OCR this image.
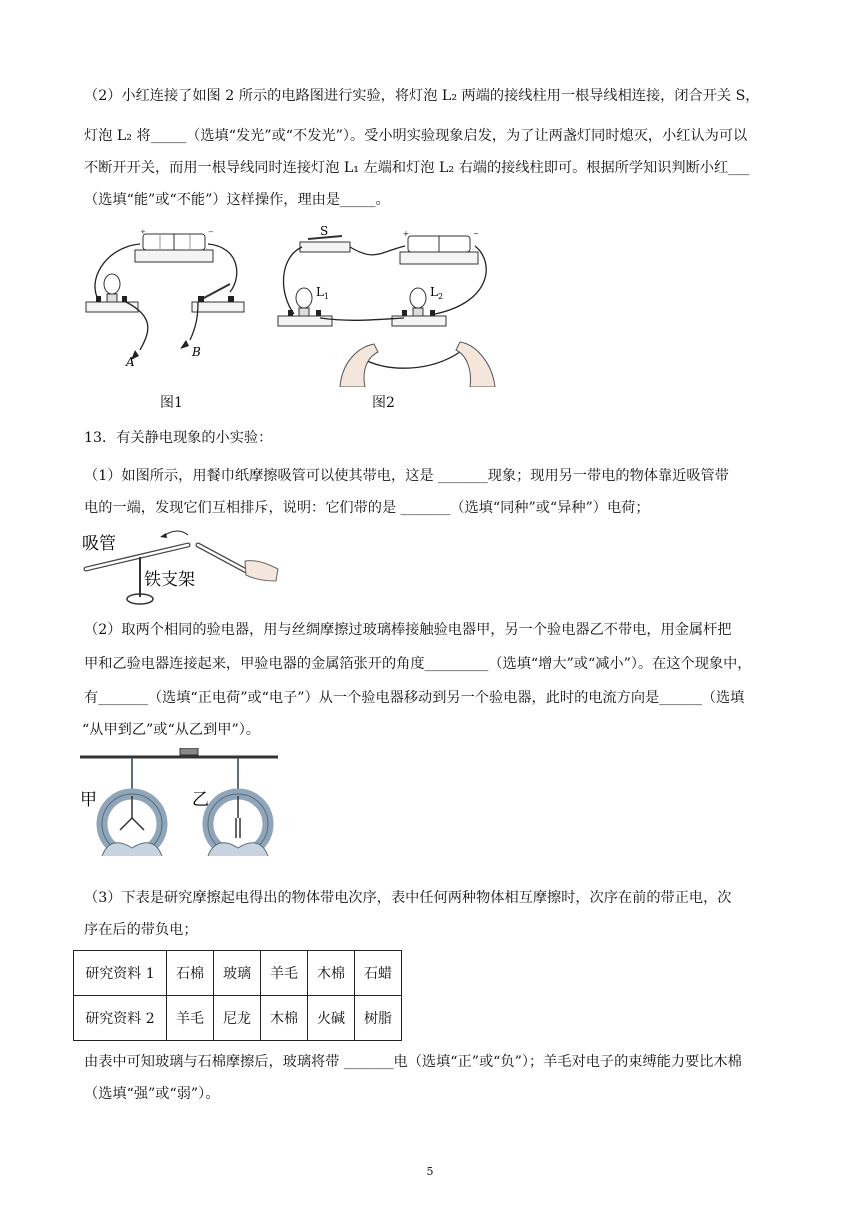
（2）小红连接了如图 2 所示的电路图进行实验，将灯泡 L₂ 两端的接线柱用一根导线相连接，闭合开关 S，
灯泡 L₂ 将_____（选填“发光”或“不发光”）。受小明实验现象启发，为了让两盏灯同时熄灭，小红认为可以
不断开开关，而用一根导线同时连接灯泡 L₁ 左端和灯泡 L₂ 右端的接线柱即可。根据所学知识判断小红___
（选填“能”或“不能”）这样操作，理由是_____。
+	−
A
B
图1
S	+	−
$L_1$	$L_2$
图2
13．有关静电现象的小实验：
（1）如图所示，用餐巾纸摩擦吸管可以使其带电，这是 _______现象；现用另一带电的物体靠近吸管带
电的一端，发现它们互相排斥，说明：它们带的是 _______（选填“同种”或“异种”）电荷；
吸管
铁支架
（2）取两个相同的验电器，用与丝绸摩擦过玻璃棒接触验电器甲，另一个验电器乙不带电，用金属杆把
甲和乙验电器连接起来，甲验电器的金属箔张开的角度_________（选填“增大”或“减小”）。在这个现象中，
有_______（选填“正电荷”或“电子”）从一个验电器移动到另一个验电器，此时的电流方向是______（选填
“从甲到乙”或“从乙到甲”）。
甲	乙
（3）下表是研究摩擦起电得出的物体带电次序，表中任何两种物体相互摩擦时，次序在前的带正电，次
序在后的带负电；
研究资料 1	石棉	玻璃	羊毛	木棉	石蜡
研究资料 2	羊毛	尼龙	木棉	火碱	树脂
由表中可知玻璃与石棉摩擦后，玻璃将带 _______电（选填“正”或“负”）；羊毛对电子的束缚能力要比木棉
（选填“强”或“弱”）。
5
